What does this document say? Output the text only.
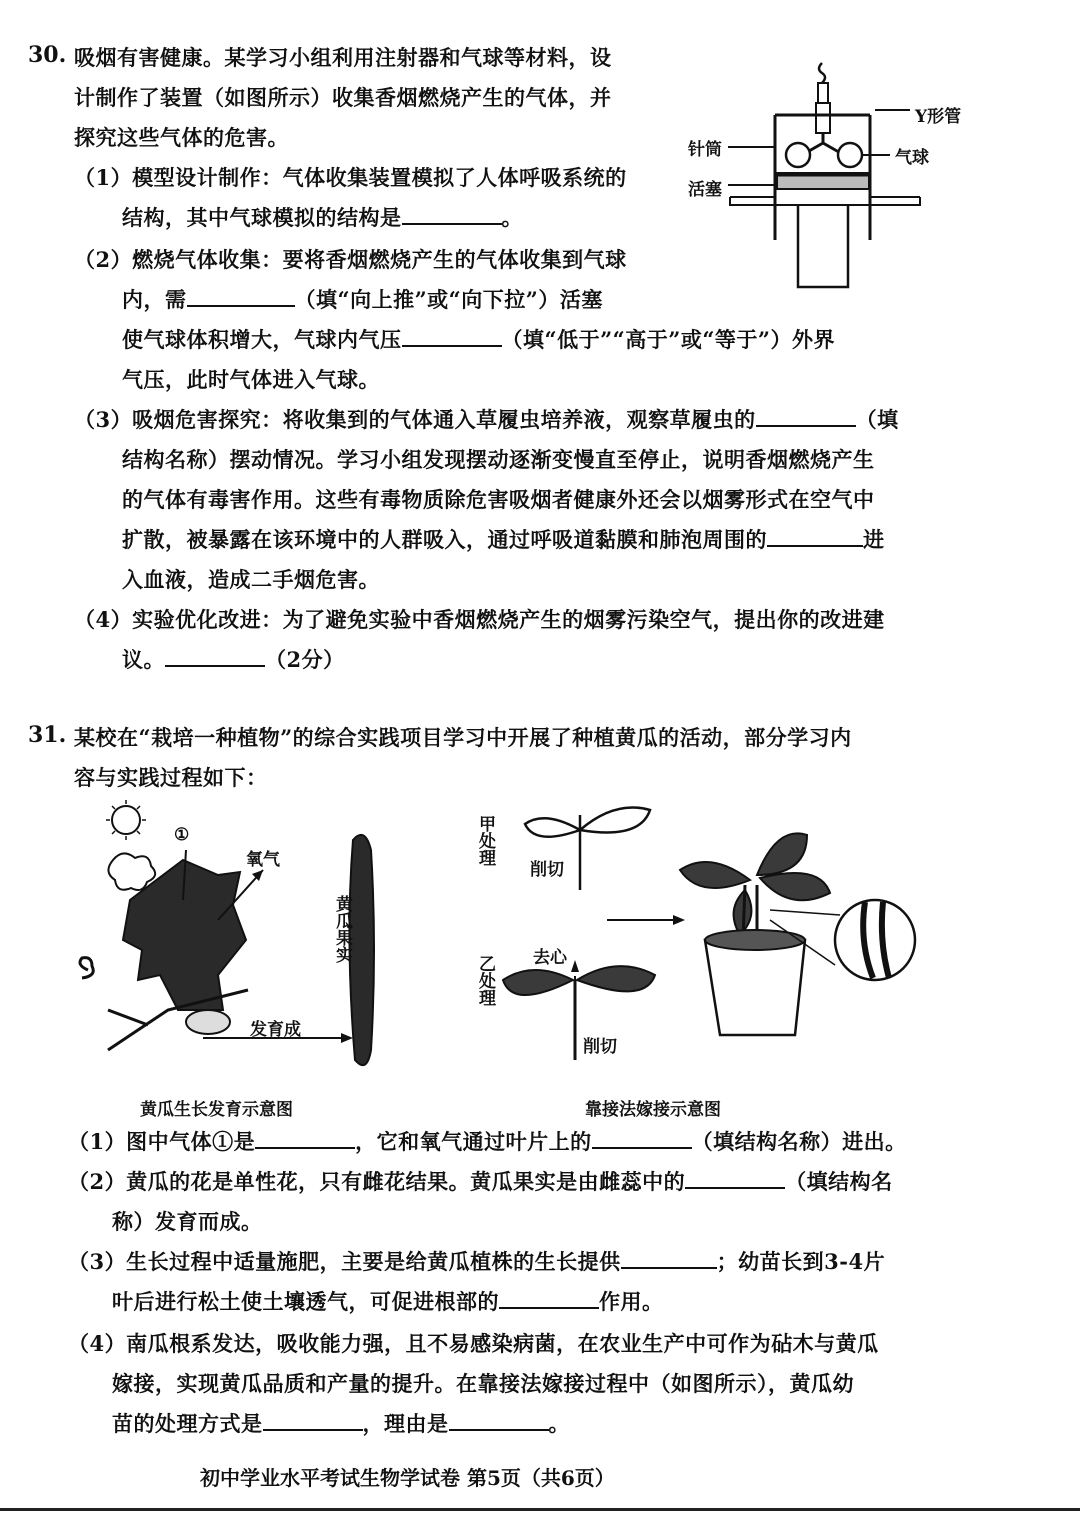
30. 吸烟有害健康。某学习小组利用注射器和气球等材料，设
计制作了装置（如图所示）收集香烟燃烧产生的气体，并
探究这些气体的危害。
（1）模型设计制作：气体收集装置模拟了人体呼吸系统的
结构，其中气球模拟的结构是	。
（2）燃烧气体收集：要将香烟燃烧产生的气体收集到气球
内，需	（填“向上推”或“向下拉”）活塞
使气球体积增大，气球内气压	（填“低于”“高于”或“等于”）外界
气压，此时气体进入气球。
（3）吸烟危害探究：将收集到的气体通入草履虫培养液，观察草履虫的	（填
结构名称）摆动情况。学习小组发现摆动逐渐变慢直至停止，说明香烟燃烧产生
的气体有毒害作用。这些有毒物质除危害吸烟者健康外还会以烟雾形式在空气中
扩散，被暴露在该环境中的人群吸入，通过呼吸道黏膜和肺泡周围的	进
入血液，造成二手烟危害。
（4）实验优化改进：为了避免实验中香烟燃烧产生的烟雾污染空气，提出你的改进建
议。	（2分）
Y形管
气球
针筒
活塞
31. 某校在“栽培一种植物”的综合实践项目学习中开展了种植黄瓜的活动，部分学习内
容与实践过程如下：
①
氧气
发育成
黄瓜果实
黄瓜生长发育示意图
甲处理
乙处理
削切
去心
削切
靠接法嫁接示意图
（1）图中气体①是	，它和氧气通过叶片上的	（填结构名称）进出。
（2）黄瓜的花是单性花，只有雌花结果。黄瓜果实是由雌蕊中的	（填结构名
称）发育而成。
（3）生长过程中适量施肥，主要是给黄瓜植株的生长提供	；幼苗长到3-4片
叶后进行松土使土壤透气，可促进根部的	作用。
（4）南瓜根系发达，吸收能力强，且不易感染病菌，在农业生产中可作为砧木与黄瓜
嫁接，实现黄瓜品质和产量的提升。在靠接法嫁接过程中（如图所示），黄瓜幼
苗的处理方式是	，理由是	。
初中学业水平考试生物学试卷 第5页（共6页）
